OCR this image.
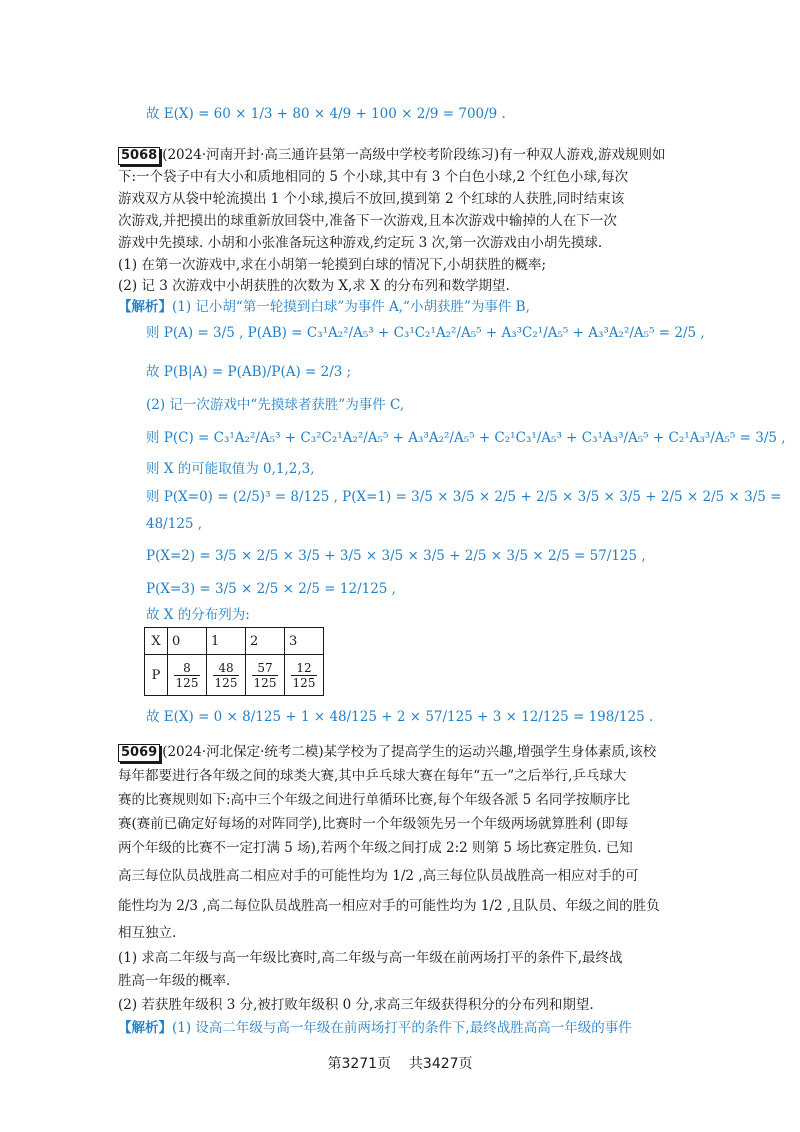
故 E(X) = 60 × 1/3 + 80 × 4/9 + 100 × 2/9 = 700/9 .
5068 (2024·河南开封·高三通许县第一高级中学校考阶段练习)有一种双人游戏,游戏规则如
下:一个袋子中有大小和质地相同的 5 个小球,其中有 3 个白色小球,2 个红色小球,每次
游戏双方从袋中轮流摸出 1 个小球,摸后不放回,摸到第 2 个红球的人获胜,同时结束该
次游戏,并把摸出的球重新放回袋中,准备下一次游戏,且本次游戏中输掉的人在下一次
游戏中先摸球. 小胡和小张准备玩这种游戏,约定玩 3 次,第一次游戏由小胡先摸球.
(1) 在第一次游戏中,求在小胡第一轮摸到白球的情况下,小胡获胜的概率;
(2) 记 3 次游戏中小胡获胜的次数为 X,求 X 的分布列和数学期望.
【解析】(1) 记小胡“第一轮摸到白球”为事件 A,“小胡获胜”为事件 B,
则 P(A) = 3/5 , P(AB) = C₃¹A₂²/A₅³ + C₃¹C₂¹A₂²/A₅⁵ + A₃³C₂¹/A₅⁵ + A₃³A₂²/A₅⁵ = 2/5 ,
故 P(B|A) = P(AB)/P(A) = 2/3 ;
(2) 记一次游戏中“先摸球者获胜”为事件 C,
则 P(C) = C₃¹A₂²/A₅³ + C₃²C₂¹A₂²/A₅⁵ + A₃³A₂²/A₅⁵ + C₂¹C₃¹/A₅³ + C₃¹A₃³/A₅⁵ + C₂¹A₃³/A₅⁵ = 3/5 ,
则 X 的可能取值为 0,1,2,3,
则 P(X=0) = (2/5)³ = 8/125 , P(X=1) = 3/5 × 3/5 × 2/5 + 2/5 × 3/5 × 3/5 + 2/5 × 2/5 × 3/5 =
48/125 ,
P(X=2) = 3/5 × 2/5 × 3/5 + 3/5 × 3/5 × 3/5 + 2/5 × 3/5 × 2/5 = 57/125 ,
P(X=3) = 3/5 × 2/5 × 2/5 = 12/125 ,
故 X 的分布列为:
X	0	1	2	3
P	$\frac{8}{125}$	$\frac{48}{125}$	$\frac{57}{125}$	$\frac{12}{125}$
故 E(X) = 0 × 8/125 + 1 × 48/125 + 2 × 57/125 + 3 × 12/125 = 198/125 .
5069 (2024·河北保定·统考二模)某学校为了提高学生的运动兴趣,增强学生身体素质,该校
每年都要进行各年级之间的球类大赛,其中乒乓球大赛在每年“五一”之后举行,乒乓球大
赛的比赛规则如下:高中三个年级之间进行单循环比赛,每个年级各派 5 名同学按顺序比
赛(赛前已确定好每场的对阵同学),比赛时一个年级领先另一个年级两场就算胜利 (即每
两个年级的比赛不一定打满 5 场),若两个年级之间打成 2:2 则第 5 场比赛定胜负. 已知
高三每位队员战胜高二相应对手的可能性均为 1/2 ,高三每位队员战胜高一相应对手的可
能性均为 2/3 ,高二每位队员战胜高一相应对手的可能性均为 1/2 ,且队员、年级之间的胜负
相互独立.
(1) 求高二年级与高一年级比赛时,高二年级与高一年级在前两场打平的条件下,最终战
胜高一年级的概率.
(2) 若获胜年级积 3 分,被打败年级积 0 分,求高三年级获得积分的分布列和期望.
【解析】(1) 设高二年级与高一年级在前两场打平的条件下,最终战胜高高一年级的事件
第3271页 共3427页
